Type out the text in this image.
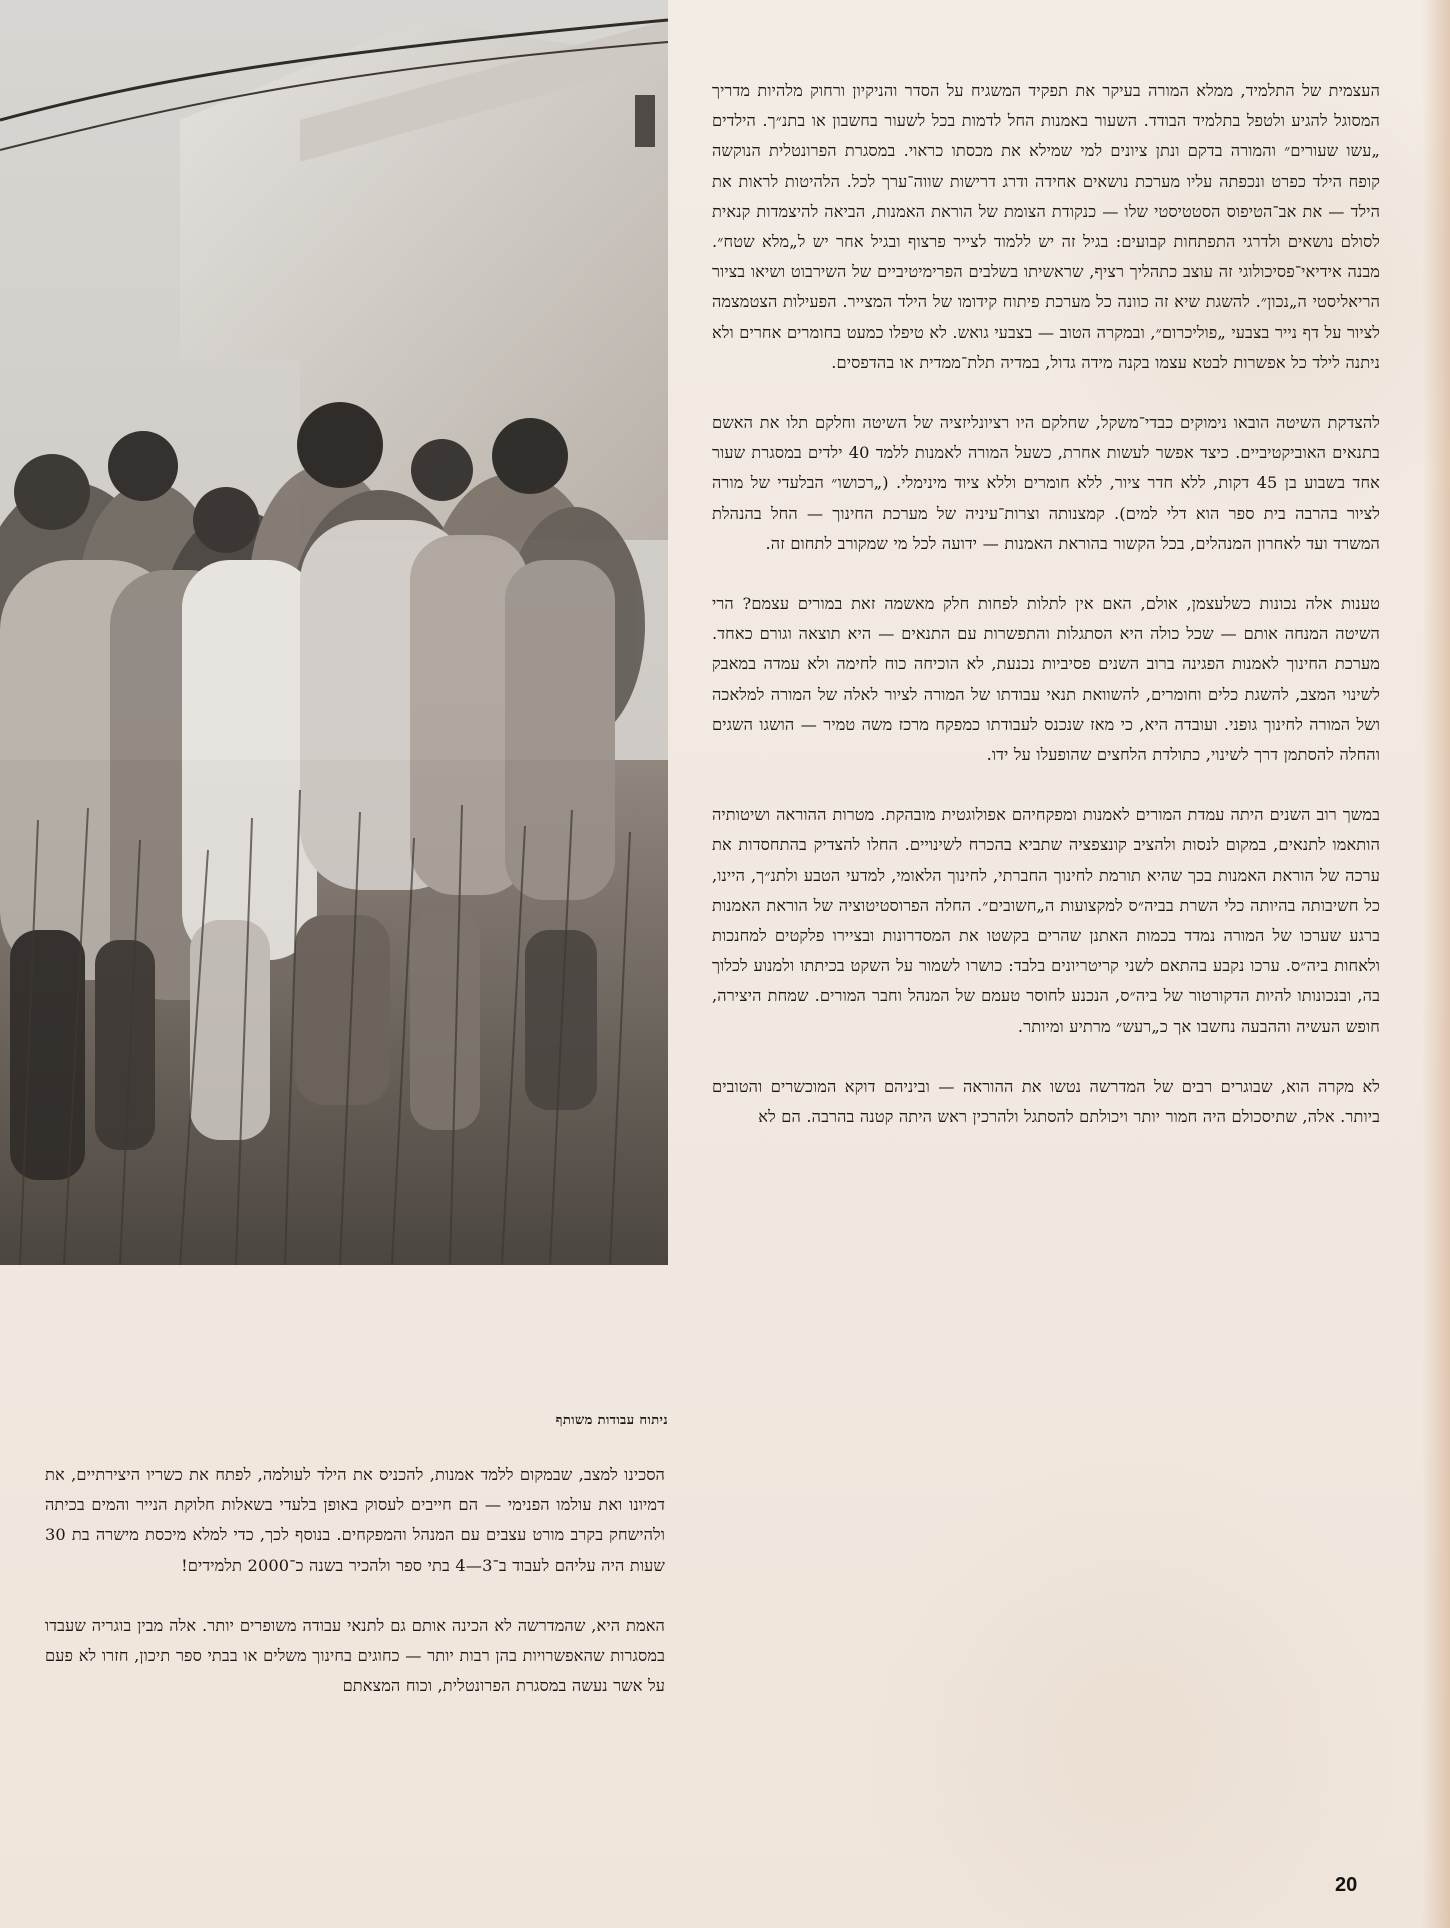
ניתוח עבודות משותף

העצמית של התלמיד, ממלא המורה בעיקר את תפקיד המשגיח על הסדר והניקיון ורחוק מלהיות מדריך המסוגל להגיע ולטפל בתלמיד הבודד. השעור באמנות החל לדמות בכל לשעור בחשבון או בתנ״ך. הילדים „עשו שעורים״ והמורה בדקם ונתן ציונים למי שמילא את מכסתו כראוי. במסגרת הפרונטלית הנוקשה קופח הילד כפרט ונכפתה עליו מערכת נושאים אחידה ודרג דרישות שווה־ערך לכל. הלהיטות לראות את הילד — את אב־הטיפוס הסטטיסטי שלו — כנקודת הצומת של הוראת האמנות, הביאה להיצמדות קנאית לסולם נושאים ולדרגי התפתחות קבועים: בגיל זה יש ללמוד לצייר פרצוף ובגיל אחר יש ל„מלא שטח״. מבנה אידיאי־פסיכולוגי זה עוצב כתהליך רציף, שראשיתו בשלבים הפרימיטיביים של השירבוט ושיאו בציור הריאליסטי ה„נכון״. להשגת שיא זה כוונה כל מערכת פיתוח קידומו של הילד המצייר. הפעילות הצטמצמה לציור על דף נייר בצבעי „פוליכרום״, ובמקרה הטוב — בצבעי גואש. לא טיפלו כמעט בחומרים אחרים ולא ניתנה לילד כל אפשרות לבטא עצמו בקנה מידה גדול, במדיה תלת־ממדית או בהדפסים.

להצדקת השיטה הובאו נימוקים כבדי־משקל, שחלקם היו רציונליזציה של השיטה וחלקם תלו את האשם בתנאים האוביקטיביים. כיצד אפשר לעשות אחרת, כשעל המורה לאמנות ללמד 40 ילדים במסגרת שעור אחד בשבוע בן 45 דקות, ללא חדר ציור, ללא חומרים וללא ציוד מינימלי. („רכושו״ הבלעדי של מורה לציור בהרבה בית ספר הוא דלי למים). קמצנותה וצרות־עיניה של מערכת החינוך — החל בהנהלת המשרד ועד לאחרון המנהלים, בכל הקשור בהוראת האמנות — ידועה לכל מי שמקורב לתחום זה.

טענות אלה נכונות כשלעצמן, אולם, האם אין לתלות לפחות חלק מאשמה זאת במורים עצמם? הרי השיטה המנחה אותם — שכל כולה היא הסתגלות והתפשרות עם התנאים — היא תוצאה וגורם כאחד. מערכת החינוך לאמנות הפגינה ברוב השנים פסיביות נכנעת, לא הוכיחה כוח לחימה ולא עמדה במאבק לשינוי המצב, להשגת כלים וחומרים, להשוואת תנאי עבודתו של המורה לציור לאלה של המורה למלאכה ושל המורה לחינוך גופני. ועובדה היא, כי מאז שנכנס לעבודתו כמפקח מרכז משה טמיר — הושגו השגים והחלה להסתמן דרך לשינוי, כתולדת הלחצים שהופעלו על ידו.

במשך רוב השנים היתה עמדת המורים לאמנות ומפקחיהם אפולוגטית מובהקת. מטרות ההוראה ושיטותיה הותאמו לתנאים, במקום לנסות ולהציב קונצפציה שתביא בהכרח לשינויים. החלו להצדיק בהתחסדות את ערכה של הוראת האמנות בכך שהיא תורמת לחינוך החברתי, לחינוך הלאומי, למדעי הטבע ולתנ״ך, היינו, כל חשיבותה בהיותה כלי השרת בביה״ס למקצועות ה„חשובים״. החלה הפרוסטיטוציה של הוראת האמנות ברגע שערכו של המורה נמדד בכמות האתנן שהרים בקשטו את המסדרונות ובציירו פלקטים למחנכות ולאחות ביה״ס. ערכו נקבע בהתאם לשני קריטריונים בלבד: כושרו לשמור על השקט בכיתתו ולמנוע לכלוך בה, ובנכונותו להיות הדקורטור של ביה״ס, הנכנע לחוסר טעמם של המנהל וחבר המורים. שמחת היצירה, חופש העשיה וההבעה נחשבו אך כ„רעש״ מרתיע ומיותר.

לא מקרה הוא, שבוגרים רבים של המדרשה נטשו את ההוראה — וביניהם דוקא המוכשרים והטובים ביותר. אלה, שתיסכולם היה חמור יותר ויכולתם להסתגל ולהרכין ראש היתה קטנה בהרבה. הם לא

הסכינו למצב, שבמקום ללמד אמנות, להכניס את הילד לעולמה, לפתח את כשריו היצירתיים, את דמיונו ואת עולמו הפנימי — הם חייבים לעסוק באופן בלעדי בשאלות חלוקת הנייר והמים בכיתה ולהישחק בקרב מורט עצבים עם המנהל והמפקחים. בנוסף לכך, כדי למלא מיכסת מישרה בת 30 שעות היה עליהם לעבוד ב־3—4 בתי ספר ולהכיר בשנה כ־2000 תלמידים!

האמת היא, שהמדרשה לא הכינה אותם גם לתנאי עבודה משופרים יותר. אלה מבין בוגריה שעבדו במסגרות שהאפשרויות בהן רבות יותר — כחוגים בחינוך משלים או בבתי ספר תיכון, חזרו לא פעם על אשר נעשה במסגרת הפרונטלית, וכוח המצאתם

20
